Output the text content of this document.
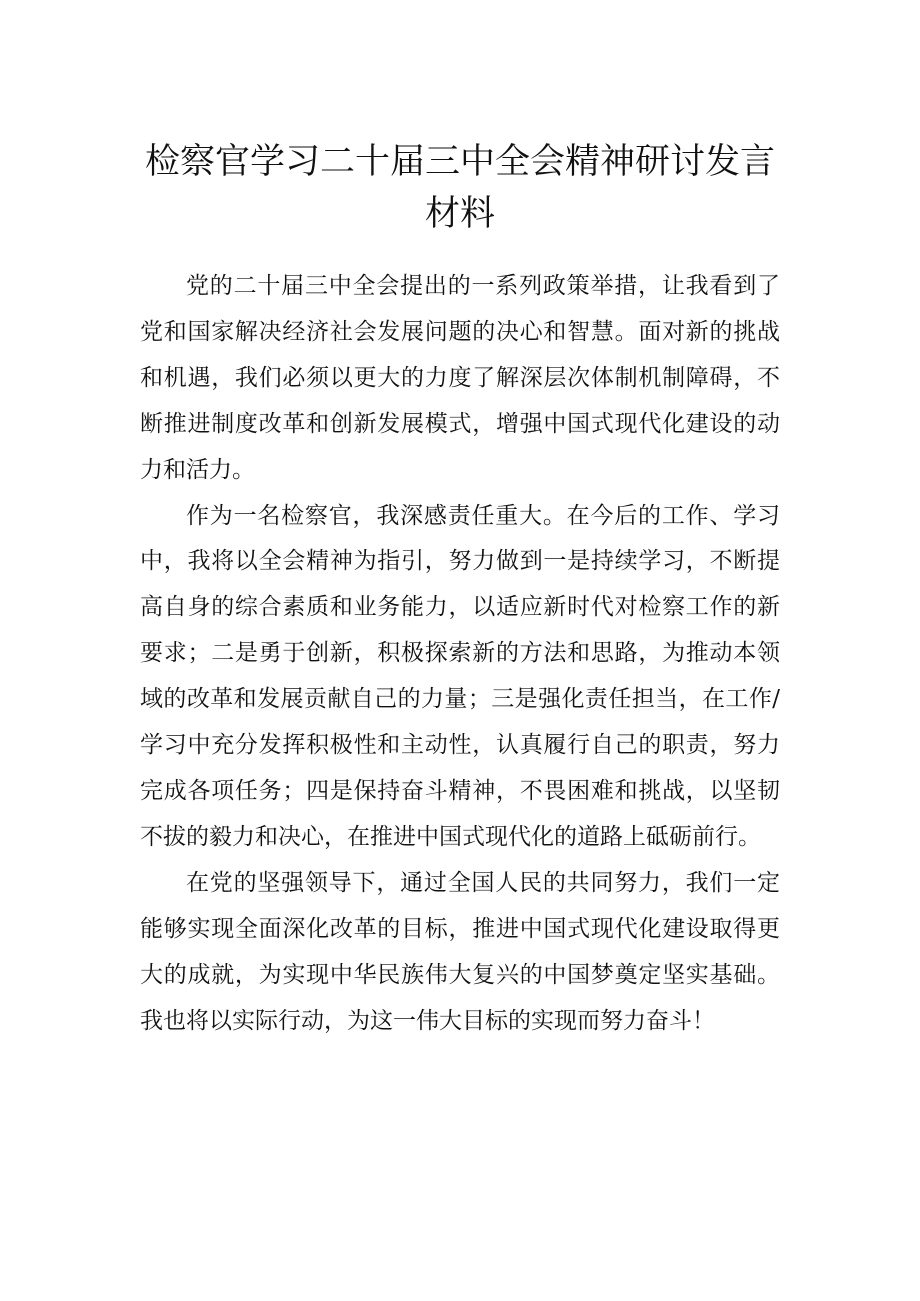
检察官学习二十届三中全会精神研讨发言
材料

党的二十届三中全会提出的一系列政策举措，让我看到了党和国家解决经济社会发展问题的决心和智慧。面对新的挑战和机遇，我们必须以更大的力度了解深层次体制机制障碍，不断推进制度改革和创新发展模式，增强中国式现代化建设的动力和活力。

作为一名检察官，我深感责任重大。在今后的工作、学习中，我将以全会精神为指引，努力做到一是持续学习，不断提高自身的综合素质和业务能力，以适应新时代对检察工作的新要求；二是勇于创新，积极探索新的方法和思路，为推动本领域的改革和发展贡献自己的力量；三是强化责任担当，在工作/学习中充分发挥积极性和主动性，认真履行自己的职责，努力完成各项任务；四是保持奋斗精神，不畏困难和挑战，以坚韧不拔的毅力和决心，在推进中国式现代化的道路上砥砺前行。

在党的坚强领导下，通过全国人民的共同努力，我们一定能够实现全面深化改革的目标，推进中国式现代化建设取得更大的成就，为实现中华民族伟大复兴的中国梦奠定坚实基础。我也将以实际行动，为这一伟大目标的实现而努力奋斗！
